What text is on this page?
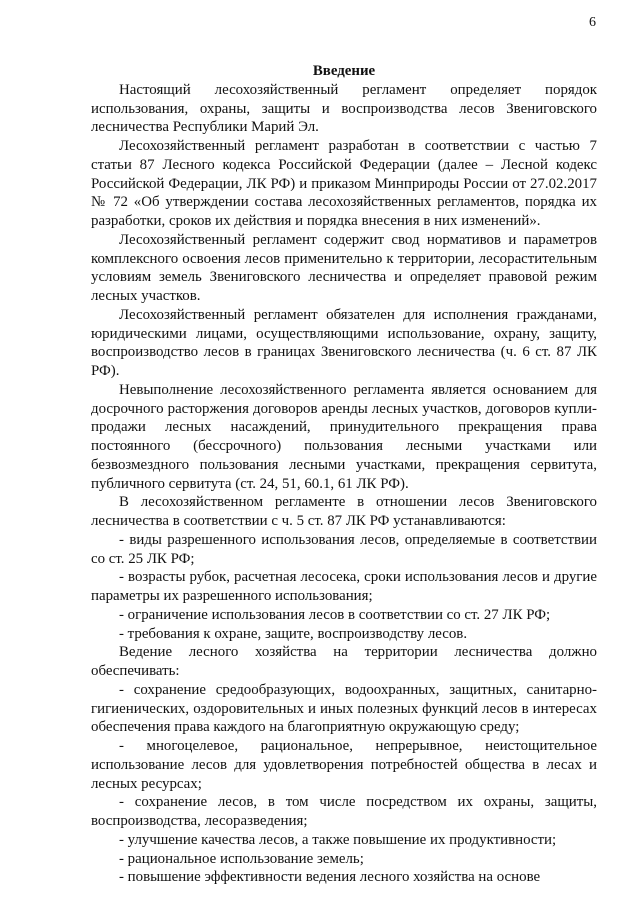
6

Введение

Настоящий лесохозяйственный регламент определяет порядок использования, охраны, защиты и воспроизводства лесов Звениговского лесничества Республики Марий Эл.

Лесохозяйственный регламент разработан в соответствии с частью 7 статьи 87 Лесного кодекса Российской Федерации (далее – Лесной кодекс Российской Федерации, ЛК РФ) и приказом Минприроды России от 27.02.2017 № 72 «Об утверждении состава лесохозяйственных регламентов, порядка их разработки, сроков их действия и порядка внесения в них изменений».

Лесохозяйственный регламент содержит свод нормативов и параметров комплексного освоения лесов применительно к территории, лесорастительным условиям земель Звениговского лесничества и определяет правовой режим лесных участков.

Лесохозяйственный регламент обязателен для исполнения гражданами, юридическими лицами, осуществляющими использование, охрану, защиту, воспроизводство лесов в границах Звениговского лесничества (ч. 6 ст. 87 ЛК РФ).

Невыполнение лесохозяйственного регламента является основанием для досрочного расторжения договоров аренды лесных участков, договоров купли-продажи лесных насаждений, принудительного прекращения права постоянного (бессрочного) пользования лесными участками или безвозмездного пользования лесными участками, прекращения сервитута, публичного сервитута (ст. 24, 51, 60.1, 61 ЛК РФ).

В лесохозяйственном регламенте в отношении лесов Звениговского лесничества в соответствии с ч. 5 ст. 87 ЛК РФ устанавливаются:

- виды разрешенного использования лесов, определяемые в соответствии со ст. 25 ЛК РФ;

- возрасты рубок, расчетная лесосека, сроки использования лесов и другие параметры их разрешенного использования;

- ограничение использования лесов в соответствии со ст. 27 ЛК РФ;

- требования к охране, защите, воспроизводству лесов.

Ведение лесного хозяйства на территории лесничества должно обеспечивать:

- сохранение средообразующих, водоохранных, защитных, санитарно-гигиенических, оздоровительных и иных полезных функций лесов в интересах обеспечения права каждого на благоприятную окружающую среду;

- многоцелевое, рациональное, непрерывное, неистощительное использование лесов для удовлетворения потребностей общества в лесах и лесных ресурсах;

- сохранение лесов, в том числе посредством их охраны, защиты, воспроизводства, лесоразведения;

- улучшение качества лесов, а также повышение их продуктивности;

- рациональное использование земель;

- повышение эффективности ведения лесного хозяйства на основе
